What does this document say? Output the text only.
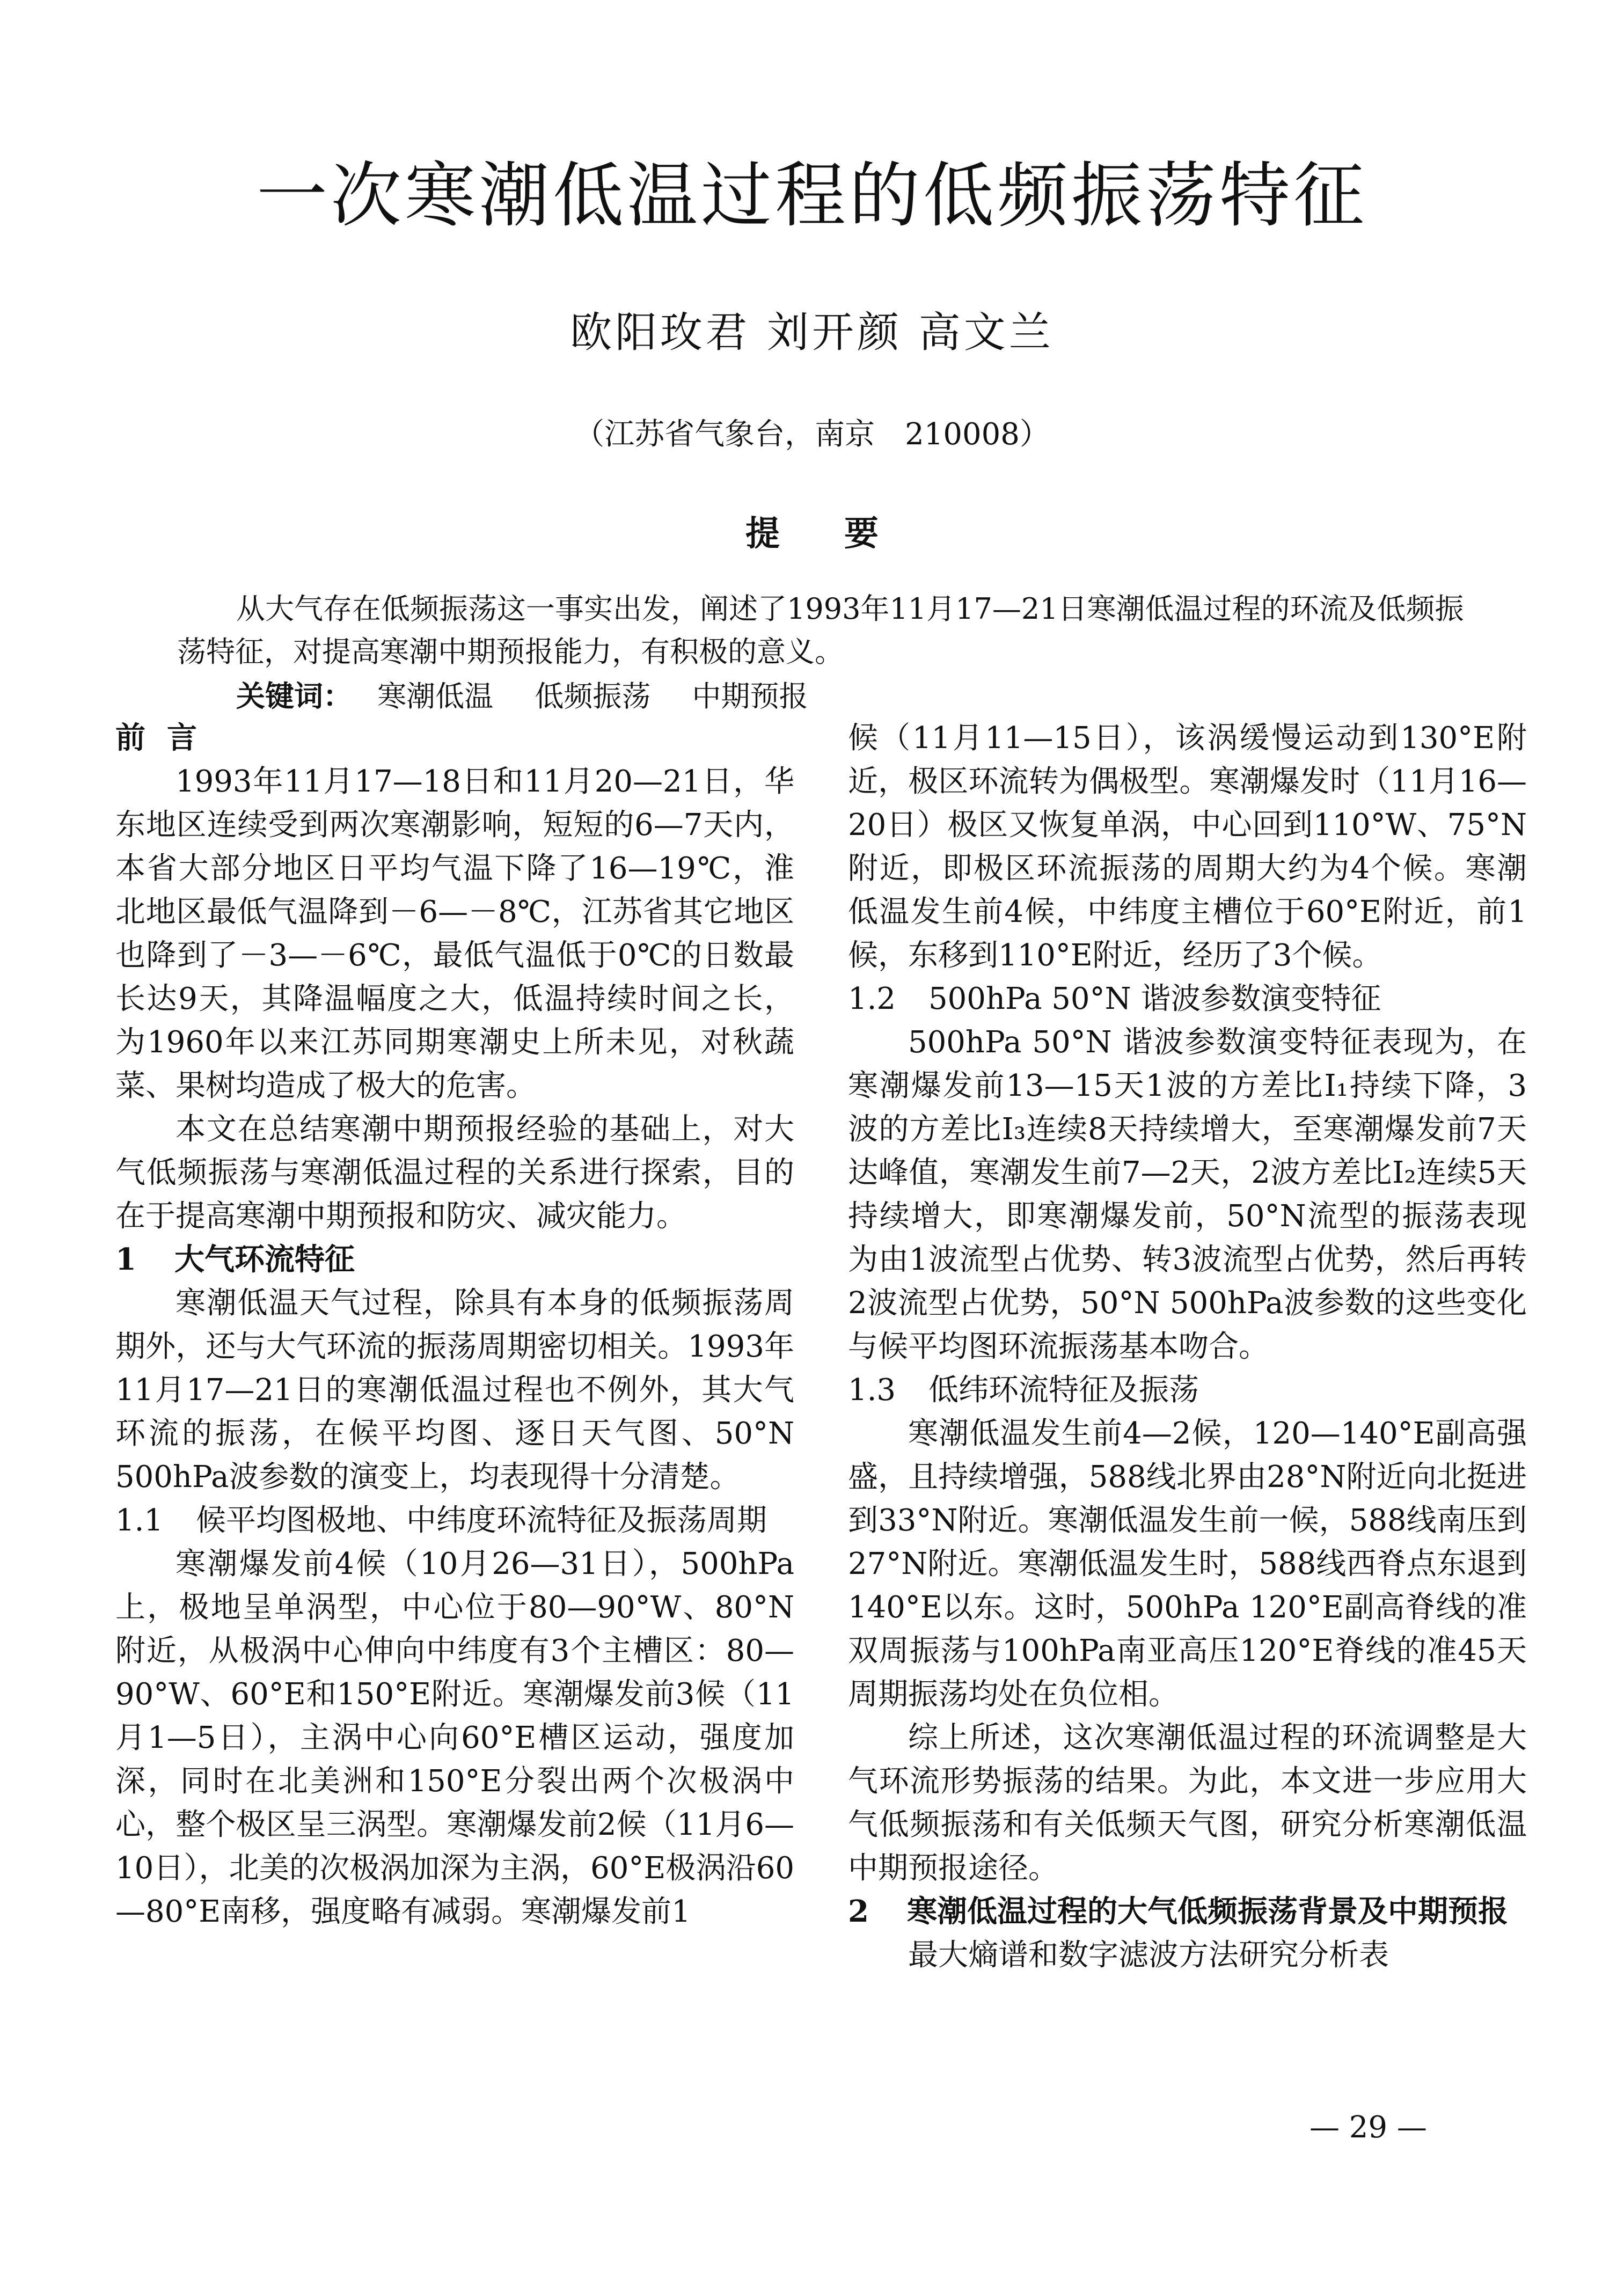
一次寒潮低温过程的低频振荡特征
欧阳玫君 刘开颜 高文兰
（江苏省气象台，南京　210008）
提要

从大气存在低频振荡这一事实出发，阐述了1993年11月17—21日寒潮低温过程的环流及低频振荡特征，对提高寒潮中期预报能力，有积极的意义。

关键词： 寒潮低温 低频振荡 中期预报
前言

1993年11月17—18日和11月20—21日，华东地区连续受到两次寒潮影响，短短的6—7天内，本省大部分地区日平均气温下降了16—19℃，淮北地区最低气温降到－6—－8℃，江苏省其它地区也降到了－3—－6℃，最低气温低于0℃的日数最长达9天，其降温幅度之大，低温持续时间之长，为1960年以来江苏同期寒潮史上所未见，对秋蔬菜、果树均造成了极大的危害。

本文在总结寒潮中期预报经验的基础上，对大气低频振荡与寒潮低温过程的关系进行探索，目的在于提高寒潮中期预报和防灾、减灾能力。

1 大气环流特征

寒潮低温天气过程，除具有本身的低频振荡周期外，还与大气环流的振荡周期密切相关。1993年11月17—21日的寒潮低温过程也不例外，其大气环流的振荡，在候平均图、逐日天气图、50°N 500hPa波参数的演变上，均表现得十分清楚。

1.1 候平均图极地、中纬度环流特征及振荡周期

寒潮爆发前4候（10月26—31日），500hPa上，极地呈单涡型，中心位于80—90°W、80°N附近，从极涡中心伸向中纬度有3个主槽区：80—90°W、60°E和150°E附近。寒潮爆发前3候（11月1—5日），主涡中心向60°E槽区运动，强度加深，同时在北美洲和150°E分裂出两个次极涡中心，整个极区呈三涡型。寒潮爆发前2候（11月6—10日），北美的次极涡加深为主涡，60°E极涡沿60—80°E南移，强度略有减弱。寒潮爆发前1

候（11月11—15日），该涡缓慢运动到130°E附近，极区环流转为偶极型。寒潮爆发时（11月16—20日）极区又恢复单涡，中心回到110°W、75°N附近，即极区环流振荡的周期大约为4个候。寒潮低温发生前4候，中纬度主槽位于60°E附近，前1候，东移到110°E附近，经历了3个候。

1.2 500hPa 50°N 谐波参数演变特征

500hPa 50°N 谐波参数演变特征表现为，在寒潮爆发前13—15天1波的方差比I₁持续下降，3波的方差比I₃连续8天持续增大，至寒潮爆发前7天达峰值，寒潮发生前7—2天，2波方差比I₂连续5天持续增大，即寒潮爆发前，50°N流型的振荡表现为由1波流型占优势、转3波流型占优势，然后再转2波流型占优势，50°N 500hPa波参数的这些变化与候平均图环流振荡基本吻合。

1.3 低纬环流特征及振荡

寒潮低温发生前4—2候，120—140°E副高强盛，且持续增强，588线北界由28°N附近向北挺进到33°N附近。寒潮低温发生前一候，588线南压到27°N附近。寒潮低温发生时，588线西脊点东退到140°E以东。这时，500hPa 120°E副高脊线的准双周振荡与100hPa南亚高压120°E脊线的准45天周期振荡均处在负位相。

综上所述，这次寒潮低温过程的环流调整是大气环流形势振荡的结果。为此，本文进一步应用大气低频振荡和有关低频天气图，研究分析寒潮低温中期预报途径。

2 寒潮低温过程的大气低频振荡背景及中期预报

最大熵谱和数字滤波方法研究分析表

— 29 —
